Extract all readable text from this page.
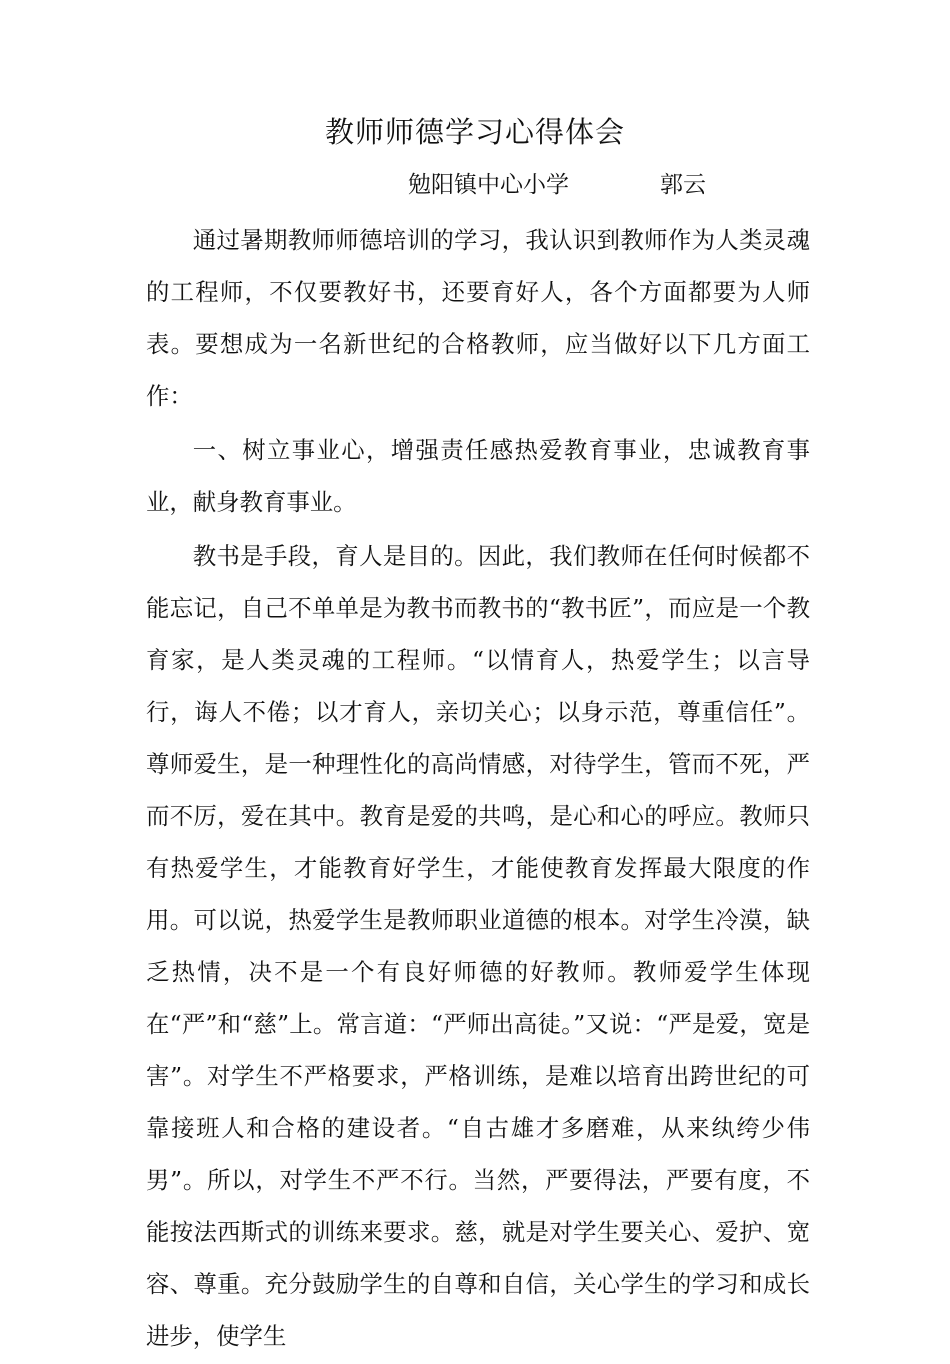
教师师德学习心得体会
勉阳镇中心小学	郭云

通过暑期教师师德培训的学习，我认识到教师作为人类灵魂的工程师，不仅要教好书，还要育好人，各个方面都要为人师表。要想成为一名新世纪的合格教师，应当做好以下几方面工作：

一、树立事业心，增强责任感热爱教育事业，忠诚教育事业，献身教育事业。

教书是手段，育人是目的。因此，我们教师在任何时候都不能忘记，自己不单单是为教书而教书的“教书匠”，而应是一个教育家，是人类灵魂的工程师。“以情育人，热爱学生；以言导行，诲人不倦；以才育人，亲切关心；以身示范，尊重信任”。尊师爱生，是一种理性化的高尚情感，对待学生，管而不死，严而不厉，爱在其中。教育是爱的共鸣，是心和心的呼应。教师只有热爱学生，才能教育好学生，才能使教育发挥最大限度的作用。可以说，热爱学生是教师职业道德的根本。对学生冷漠，缺乏热情，决不是一个有良好师德的好教师。教师爱学生体现在“严”和“慈”上。常言道：“严师出高徒。”又说：“严是爱，宽是害”。对学生不严格要求，严格训练，是难以培育出跨世纪的可靠接班人和合格的建设者。“自古雄才多磨难，从来纨绔少伟男”。所以，对学生不严不行。当然，严要得法，严要有度，不能按法西斯式的训练来要求。慈，就是对学生要关心、爱护、宽容、尊重。充分鼓励学生的自尊和自信，关心学生的学习和成长进步，使学生
